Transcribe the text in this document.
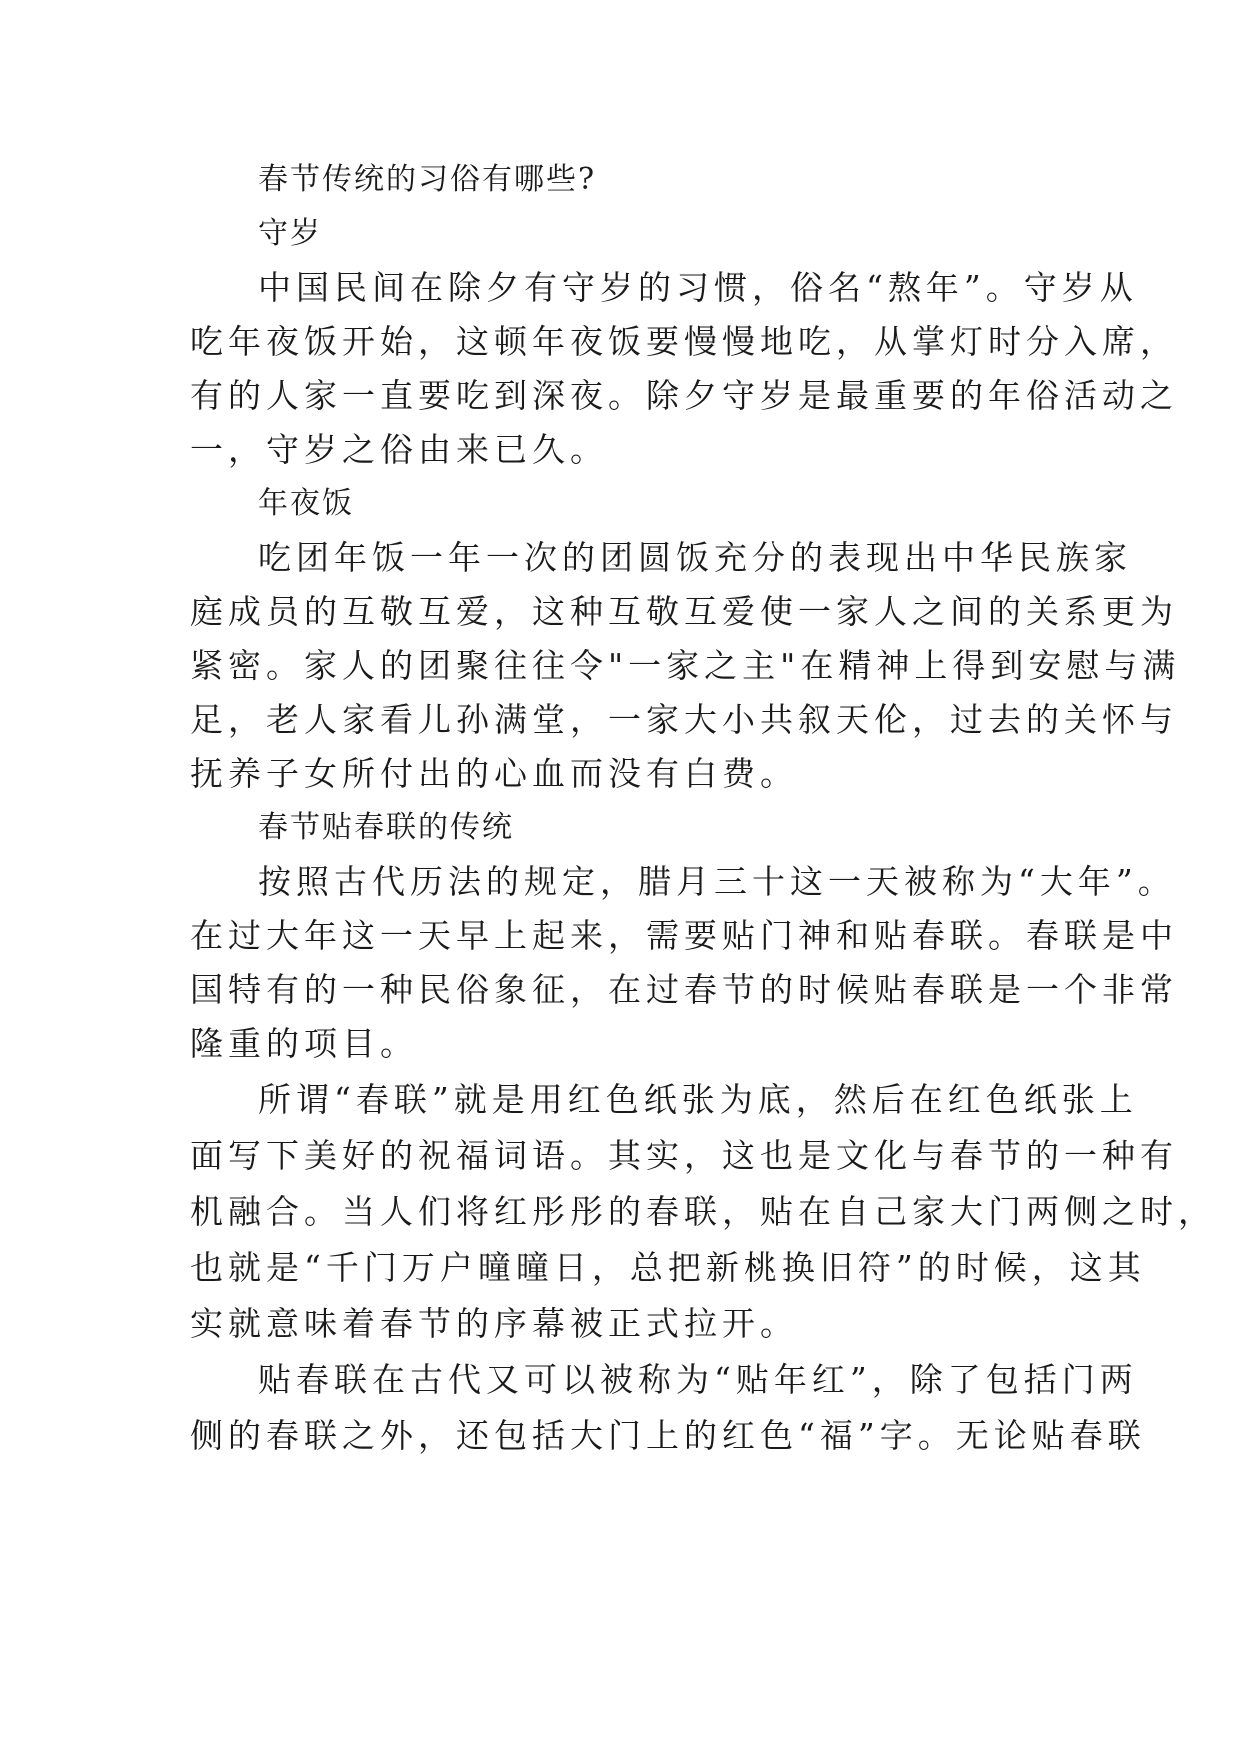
春节传统的习俗有哪些?
守岁
中国民间在除夕有守岁的习惯，俗名“熬年”。守岁从
吃年夜饭开始，这顿年夜饭要慢慢地吃，从掌灯时分入席，
有的人家一直要吃到深夜。除夕守岁是最重要的年俗活动之
一，守岁之俗由来已久。
年夜饭
吃团年饭一年一次的团圆饭充分的表现出中华民族家
庭成员的互敬互爱，这种互敬互爱使一家人之间的关系更为
紧密。家人的团聚往往令"一家之主"在精神上得到安慰与满
足，老人家看儿孙满堂，一家大小共叙天伦，过去的关怀与
抚养子女所付出的心血而没有白费。
春节贴春联的传统
按照古代历法的规定，腊月三十这一天被称为“大年”。
在过大年这一天早上起来，需要贴门神和贴春联。春联是中
国特有的一种民俗象征，在过春节的时候贴春联是一个非常
隆重的项目。
所谓“春联”就是用红色纸张为底，然后在红色纸张上
面写下美好的祝福词语。其实，这也是文化与春节的一种有
机融合。当人们将红彤彤的春联，贴在自己家大门两侧之时，
也就是“千门万户曈曈日，总把新桃换旧符”的时候，这其
实就意味着春节的序幕被正式拉开。
贴春联在古代又可以被称为“贴年红”，除了包括门两
侧的春联之外，还包括大门上的红色“福”字。无论贴春联
